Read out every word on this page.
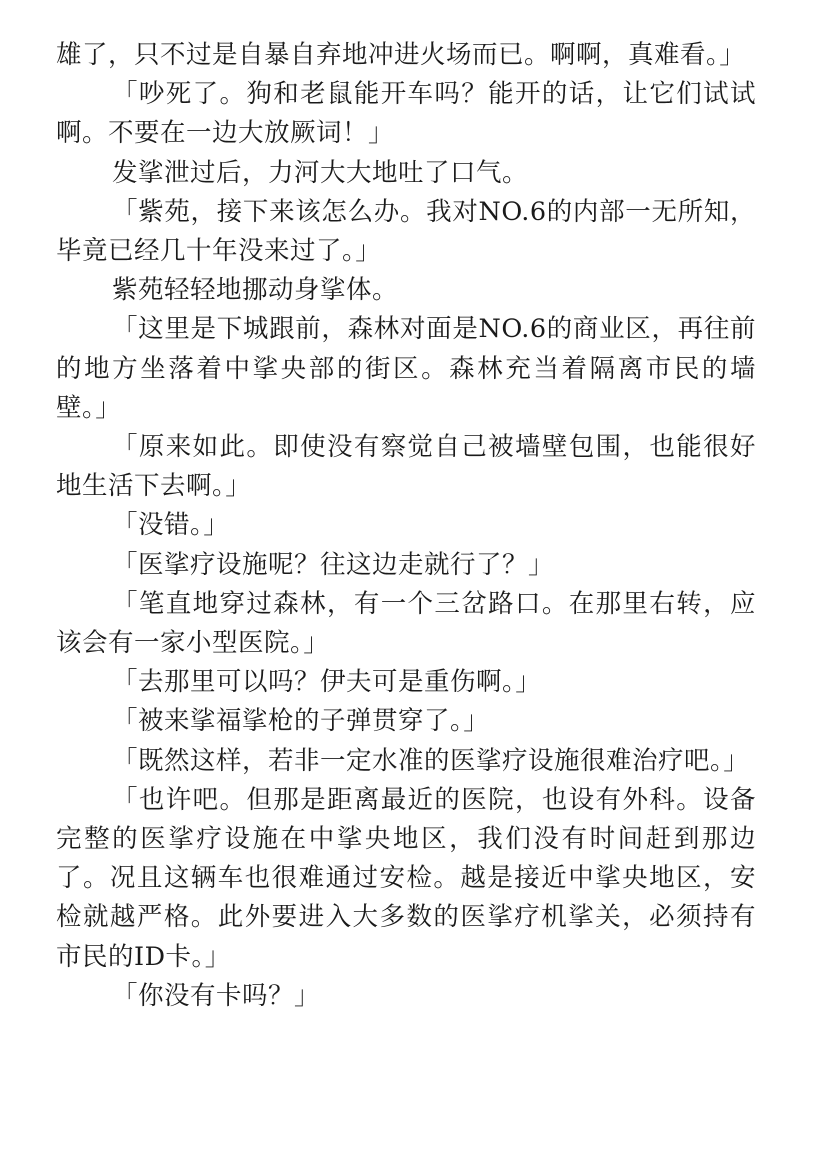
雄了，只不过是自暴自弃地冲进火场而已。啊啊，真难看。」

「吵死了。狗和老鼠能开车吗？能开的话，让它们试试啊。不要在一边大放厥词！」

发挲泄过后，力河大大地吐了口气。

「紫苑，接下来该怎么办。我对NO.6的内部一无所知，毕竟已经几十年没来过了。」

紫苑轻轻地挪动身挲体。

「这里是下城跟前，森林对面是NO.6的商业区，再往前的地方坐落着中挲央部的街区。森林充当着隔离市民的墙壁。」

「原来如此。即使没有察觉自己被墙壁包围，也能很好地生活下去啊。」

「没错。」

「医挲疗设施呢？往这边走就行了？」

「笔直地穿过森林，有一个三岔路口。在那里右转，应该会有一家小型医院。」

「去那里可以吗？伊夫可是重伤啊。」

「被来挲福挲枪的子弹贯穿了。」

「既然这样，若非一定水准的医挲疗设施很难治疗吧。」

「也许吧。但那是距离最近的医院，也设有外科。设备完整的医挲疗设施在中挲央地区，我们没有时间赶到那边了。况且这辆车也很难通过安检。越是接近中挲央地区，安检就越严格。此外要进入大多数的医挲疗机挲关，必须持有市民的ID卡。」

「你没有卡吗？」
